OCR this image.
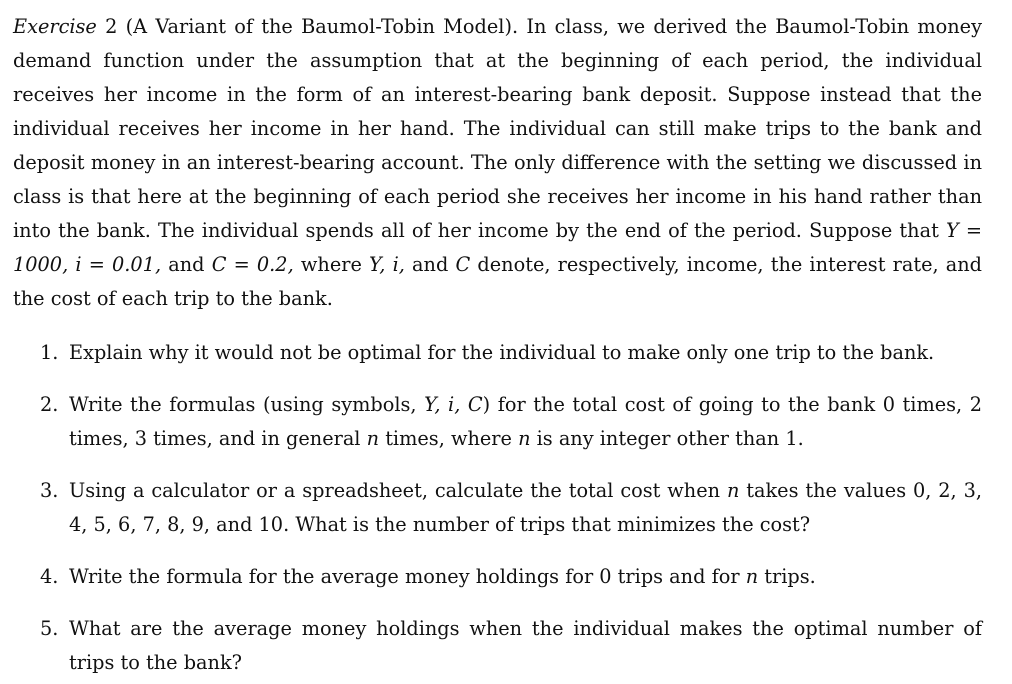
Exercise 2 (A Variant of the Baumol-Tobin Model). In class, we derived the Baumol-Tobin money demand function under the assumption that at the beginning of each period, the individual receives her income in the form of an interest-bearing bank deposit. Suppose instead that the individual receives her income in her hand. The individual can still make trips to the bank and deposit money in an interest-bearing account. The only difference with the setting we discussed in class is that here at the beginning of each period she receives her income in his hand rather than into the bank. The individual spends all of her income by the end of the period. Suppose that Y = 1000, i = 0.01, and C = 0.2, where Y, i, and C denote, respectively, income, the interest rate, and the cost of each trip to the bank.

1. Explain why it would not be optimal for the individual to make only one trip to the bank.
2. Write the formulas (using symbols, Y, i, C) for the total cost of going to the bank 0 times, 2 times, 3 times, and in general n times, where n is any integer other than 1.
3. Using a calculator or a spreadsheet, calculate the total cost when n takes the values 0, 2, 3, 4, 5, 6, 7, 8, 9, and 10. What is the number of trips that minimizes the cost?
4. Write the formula for the average money holdings for 0 trips and for n trips.
5. What are the average money holdings when the individual makes the optimal number of trips to the bank?
